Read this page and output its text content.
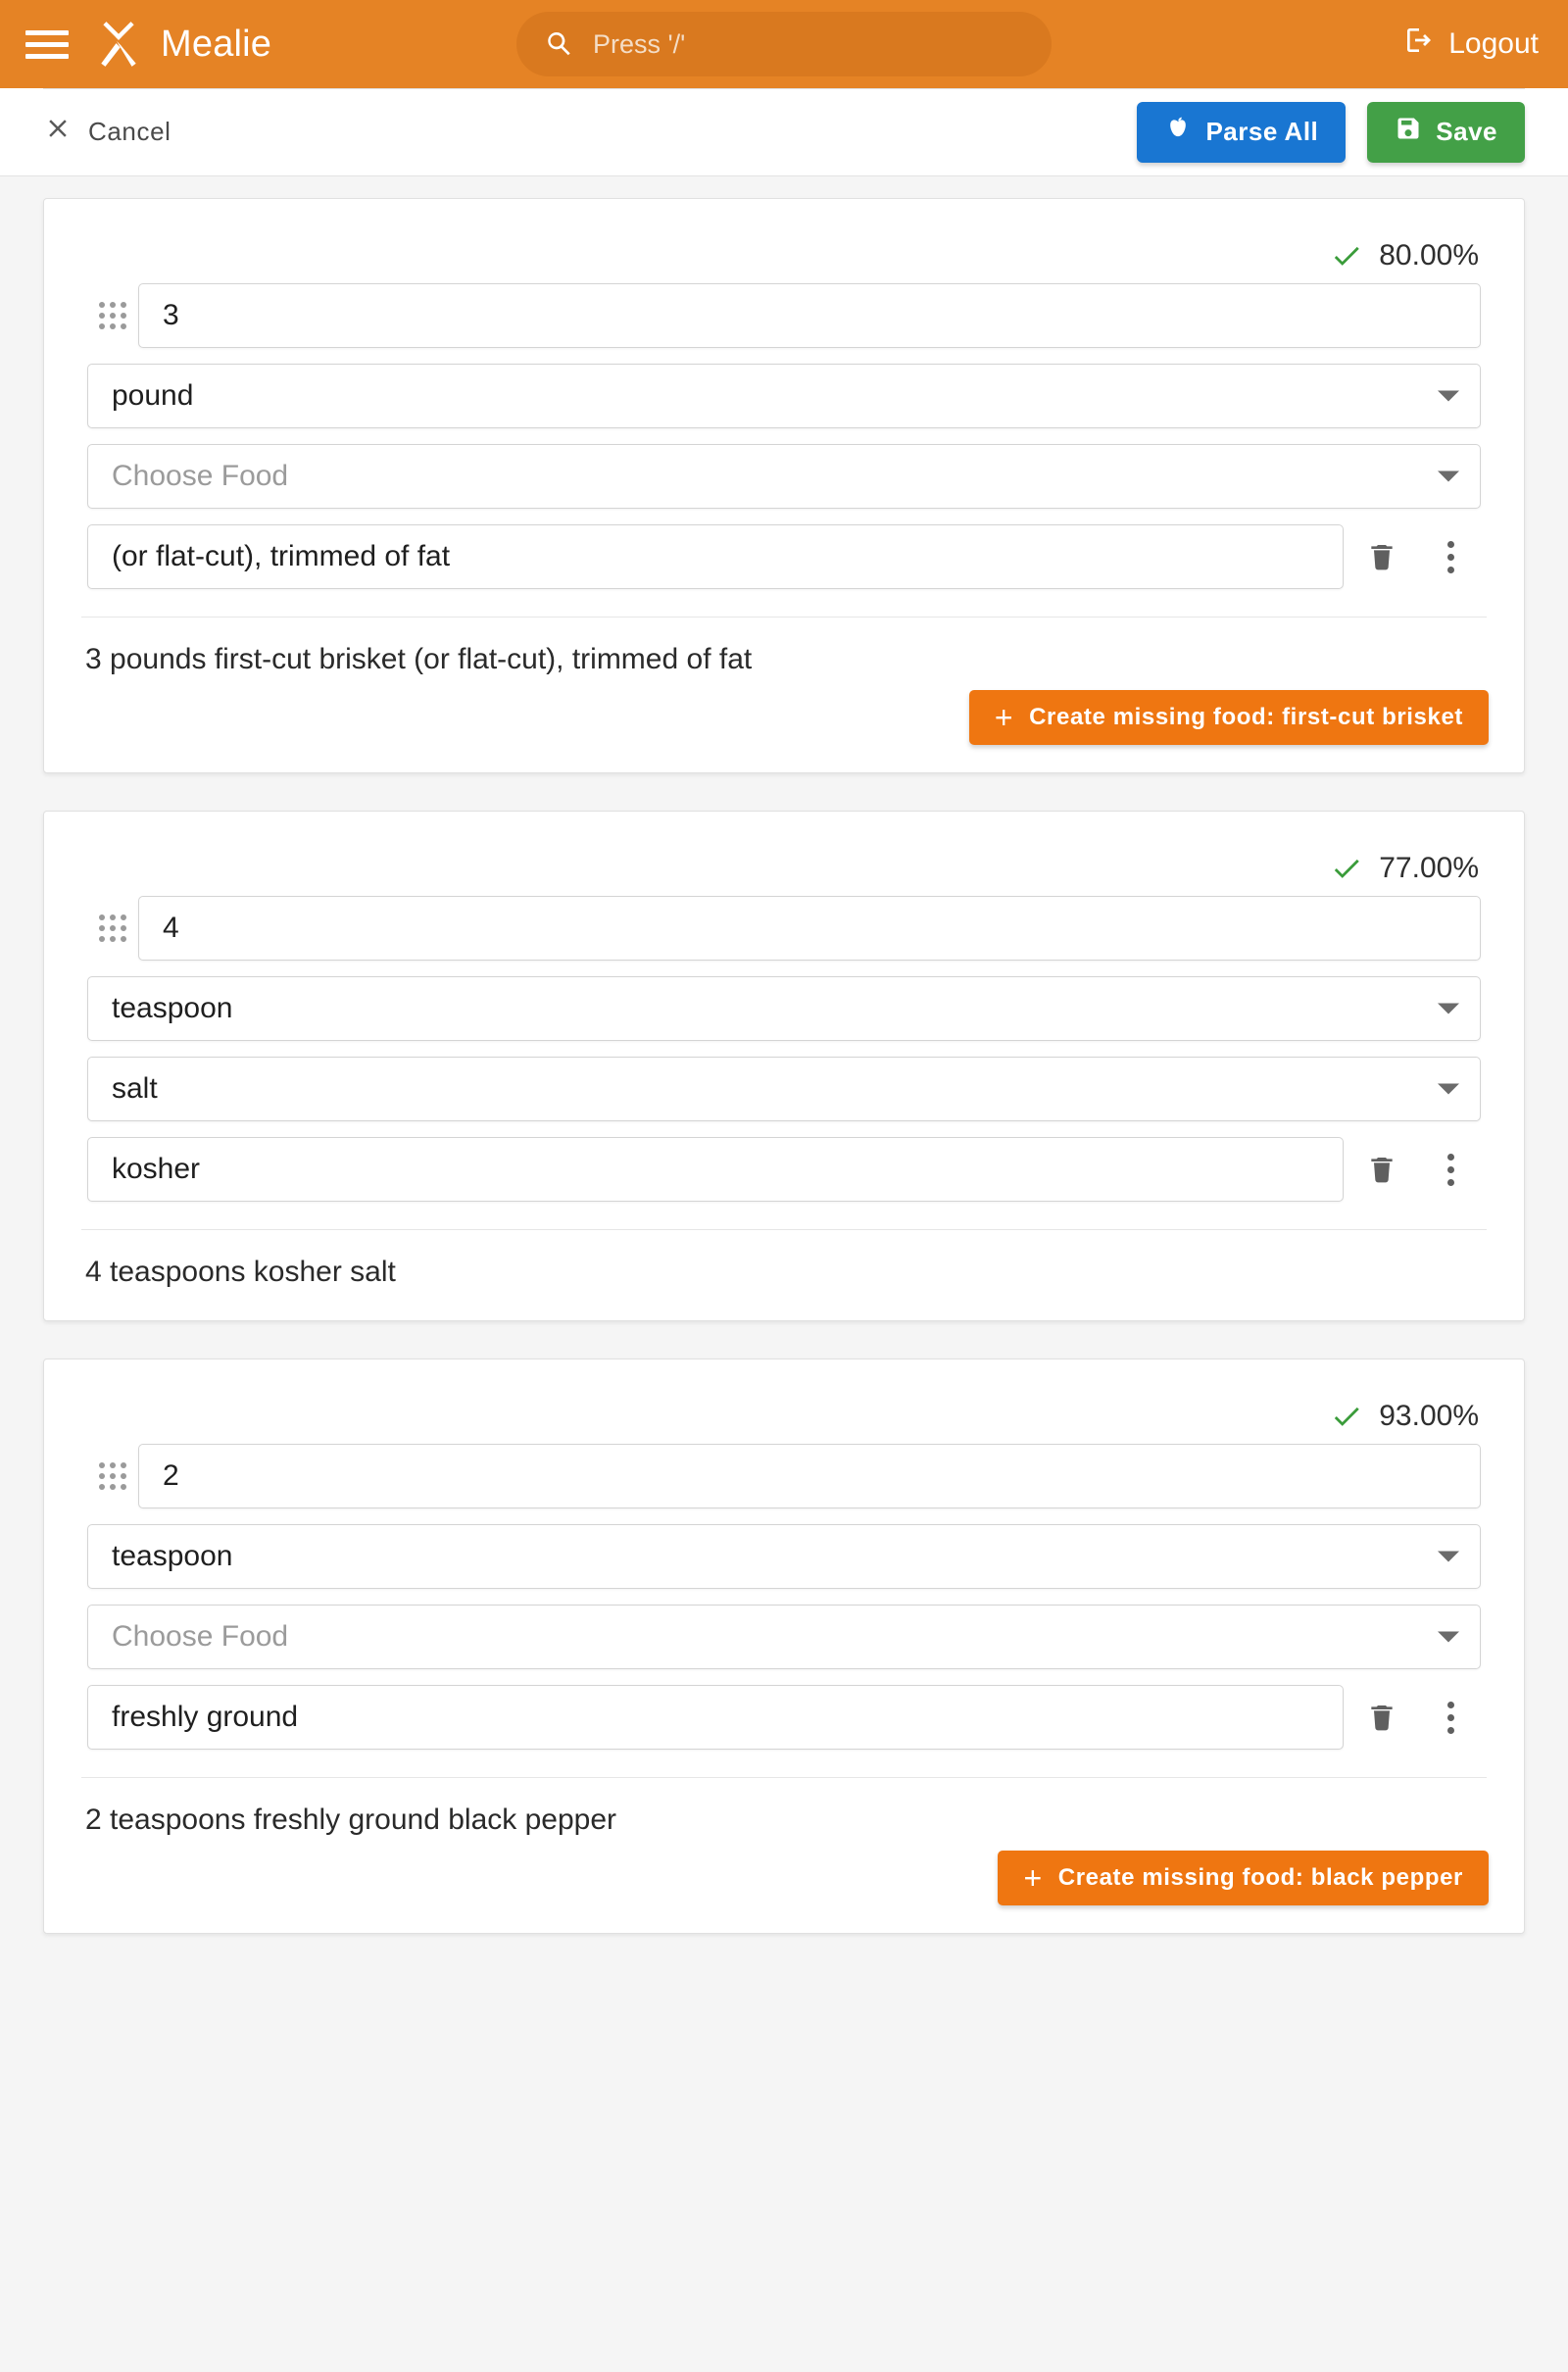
Mealie	Press '/'	Logout
Cancel	Parse All	Save
80.00%
3
pound
Choose Food
(or flat-cut), trimmed of fat
3 pounds first-cut brisket (or flat-cut), trimmed of fat
+ Create missing food: first-cut brisket
77.00%
4
teaspoon
salt
kosher
4 teaspoons kosher salt
93.00%
2
teaspoon
Choose Food
freshly ground
2 teaspoons freshly ground black pepper
+ Create missing food: black pepper
